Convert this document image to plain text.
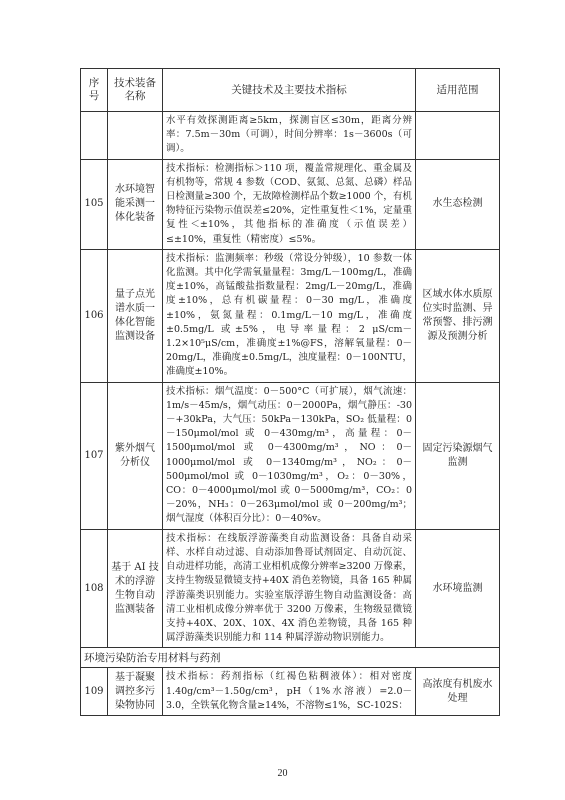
序号	技术装备名称	关键技术及主要技术指标	适用范围
		水平有效探测距离≥5km，探测盲区≤30m，距离分辨率：7.5m－30m（可调），时间分辨率：1s－3600s（可调）。	
105	水环境智能采测一体化装备	技术指标：检测指标＞110 项，覆盖常规理化、重金属及有机物等，常规 4 参数（COD、氨氮、总氮、总磷）样品日检测量≥300 个，无故障检测样品个数≥1000 个，有机物特征污染物示值误差≤20%，定性重复性＜1%，定量重复性＜±10%，其他指标的准确度（示值误差）≤±10%，重复性（精密度）≤5%。	水生态检测
106	量子点光谱水质一体化智能监测设备	技术指标：监测频率：秒级（常设分钟级），10 参数一体化监测。其中化学需氧量量程：3mg/L－100mg/L，准确度±10%，高锰酸盐指数量程：2mg/L－20mg/L，准确度±10%，总有机碳量程：0－30 mg/L，准确度±10%，氨氮量程：0.1mg/L－10 mg/L，准确度±0.5mg/L 或±5%，电导率量程：2 μS/cm－1.2×10⁵μS/cm，准确度±1%@FS，溶解氧量程：0－20mg/L，准确度±0.5mg/L，浊度量程：0－100NTU，准确度±10%。	区域水体水质原位实时监测、异常预警、排污溯源及预测分析
107	紫外烟气分析仪	技术指标：烟气温度：0－500°C（可扩展），烟气流速：1m/s－45m/s，烟气动压：0－2000Pa，烟气静压：-30－+30kPa，大气压：50kPa－130kPa，SO₂ 低量程：0－150μmol/mol 或 0－430mg/m³，高量程：0－1500μmol/mol 或 0－4300mg/m³，NO：0－1000μmol/mol 或 0－1340mg/m³，NO₂：0－500μmol/mol 或 0－1030mg/m³，O₂：0－30%，CO：0－4000μmol/mol 或 0－5000mg/m³，CO₂：0－20%，NH₃：0－263μmol/mol 或 0－200mg/m³；烟气湿度（体积百分比）：0－40%v。	固定污染源烟气监测
108	基于 AI 技术的浮游生物自动监测装备	技术指标：在线版浮游藻类自动监测设备：具备自动采样、水样自动过滤、自动添加鲁哥试剂固定、自动沉淀、自动进样功能，高清工业相机成像分辨率≥3200 万像素，支持生物级显微镜支持+40X 消色差物镜，具备 165 种属浮游藻类识别能力。实验室版浮游生物自动监测设备：高清工业相机成像分辨率优于 3200 万像素，生物级显微镜支持+40X、20X、10X、4X 消色差物镜，具备 165 种属浮游藻类识别能力和 114 种属浮游动物识别能力。	水环境监测
环境污染防治专用材料与药剂			
109	基于凝聚调控多污染物协同	技术指标：药剂指标（红褐色粘稠液体）：相对密度 1.40g/cm³－1.50g/cm³，pH（1%水溶液）=2.0－3.0，全铁氧化物含量≥14%，不溶物≤1%，SC-102S：	高浓度有机废水处理
20
